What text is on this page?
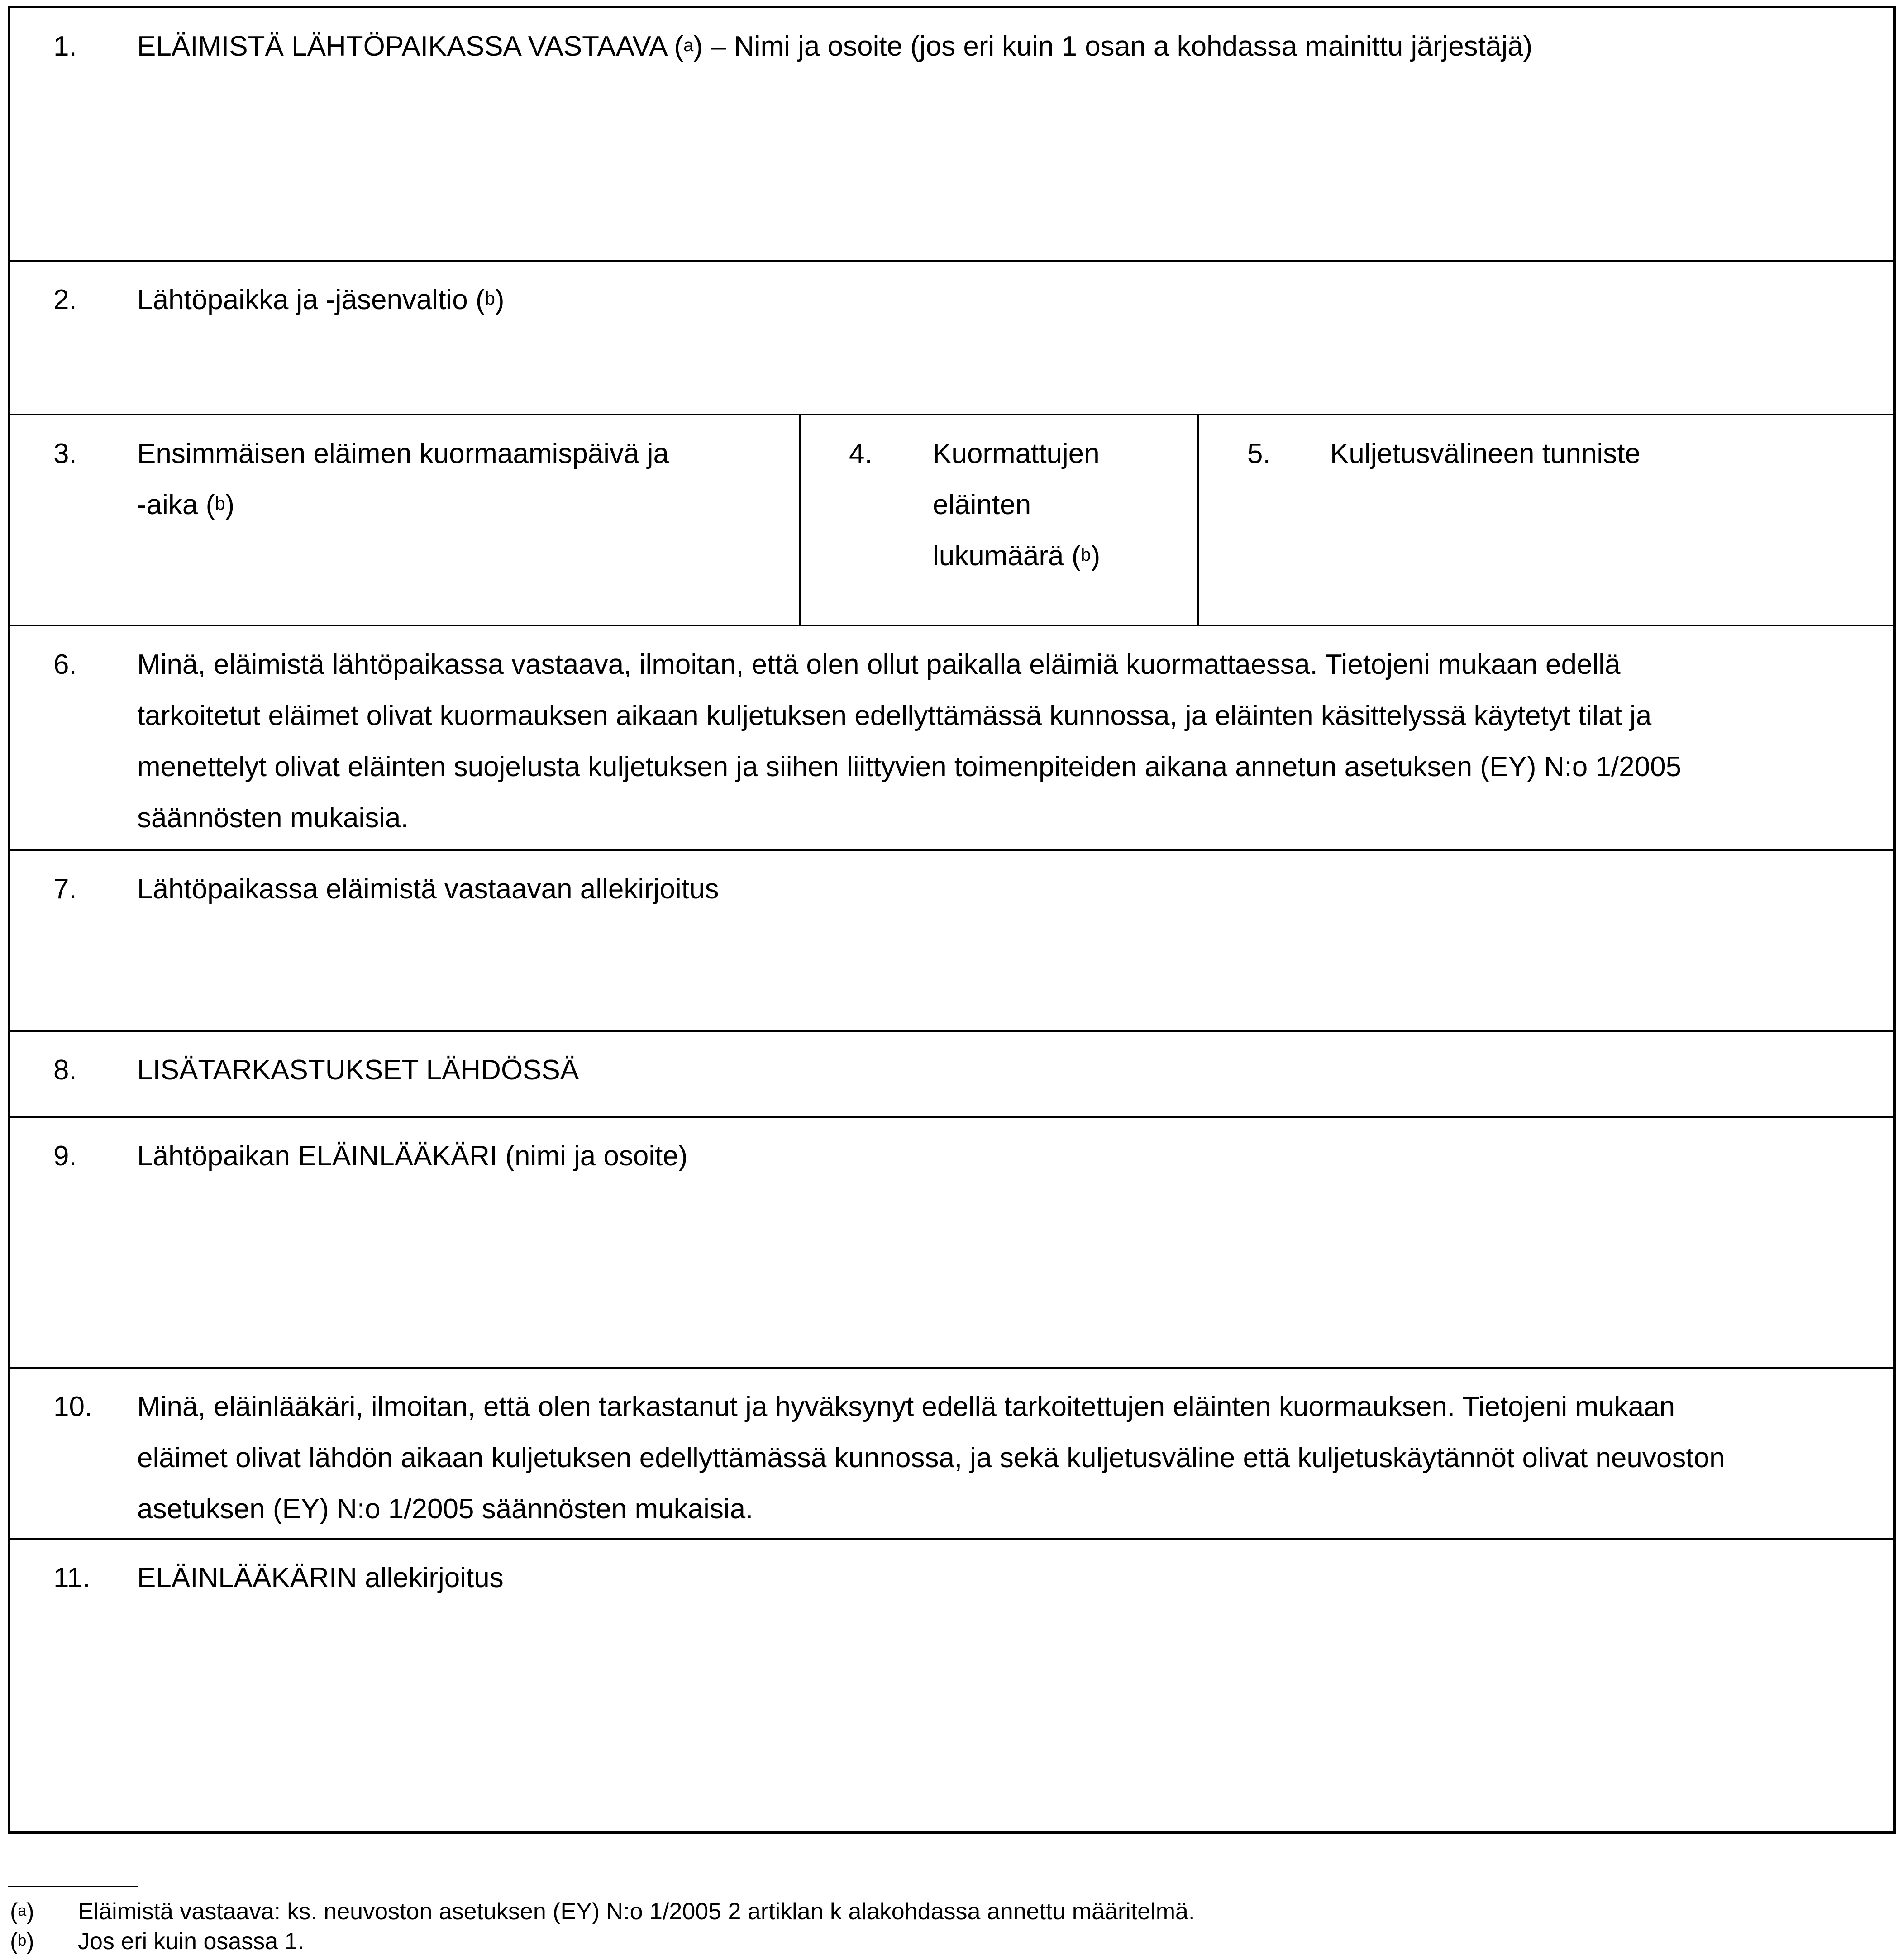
1. ELÄIMISTÄ LÄHTÖPAIKASSA VASTAAVA ($^a$) – Nimi ja osoite (jos eri kuin 1 osan a kohdassa mainittu järjestäjä)
2. Lähtöpaikka ja -jäsenvaltio ($^b$)
3. Ensimmäisen eläimen kuormaamispäivä ja
-aika ($^b$)
4. Kuormattujen
eläinten
lukumäärä ($^b$)
5. Kuljetusvälineen tunniste
6. Minä, eläimistä lähtöpaikassa vastaava, ilmoitan, että olen ollut paikalla eläimiä kuormattaessa. Tietojeni mukaan edellä
tarkoitetut eläimet olivat kuormauksen aikaan kuljetuksen edellyttämässä kunnossa, ja eläinten käsittelyssä käytetyt tilat ja
menettelyt olivat eläinten suojelusta kuljetuksen ja siihen liittyvien toimenpiteiden aikana annetun asetuksen (EY) N:o 1/2005
säännösten mukaisia.
7. Lähtöpaikassa eläimistä vastaavan allekirjoitus
8. LISÄTARKASTUKSET LÄHDÖSSÄ
9. Lähtöpaikan ELÄINLÄÄKÄRI (nimi ja osoite)
10. Minä, eläinlääkäri, ilmoitan, että olen tarkastanut ja hyväksynyt edellä tarkoitettujen eläinten kuormauksen. Tietojeni mukaan
eläimet olivat lähdön aikaan kuljetuksen edellyttämässä kunnossa, ja sekä kuljetusväline että kuljetuskäytännöt olivat neuvoston
asetuksen (EY) N:o 1/2005 säännösten mukaisia.
11. ELÄINLÄÄKÄRIN allekirjoitus
($^a$) Eläimistä vastaava: ks. neuvoston asetuksen (EY) N:o 1/2005 2 artiklan k alakohdassa annettu määritelmä.
($^b$) Jos eri kuin osassa 1.
